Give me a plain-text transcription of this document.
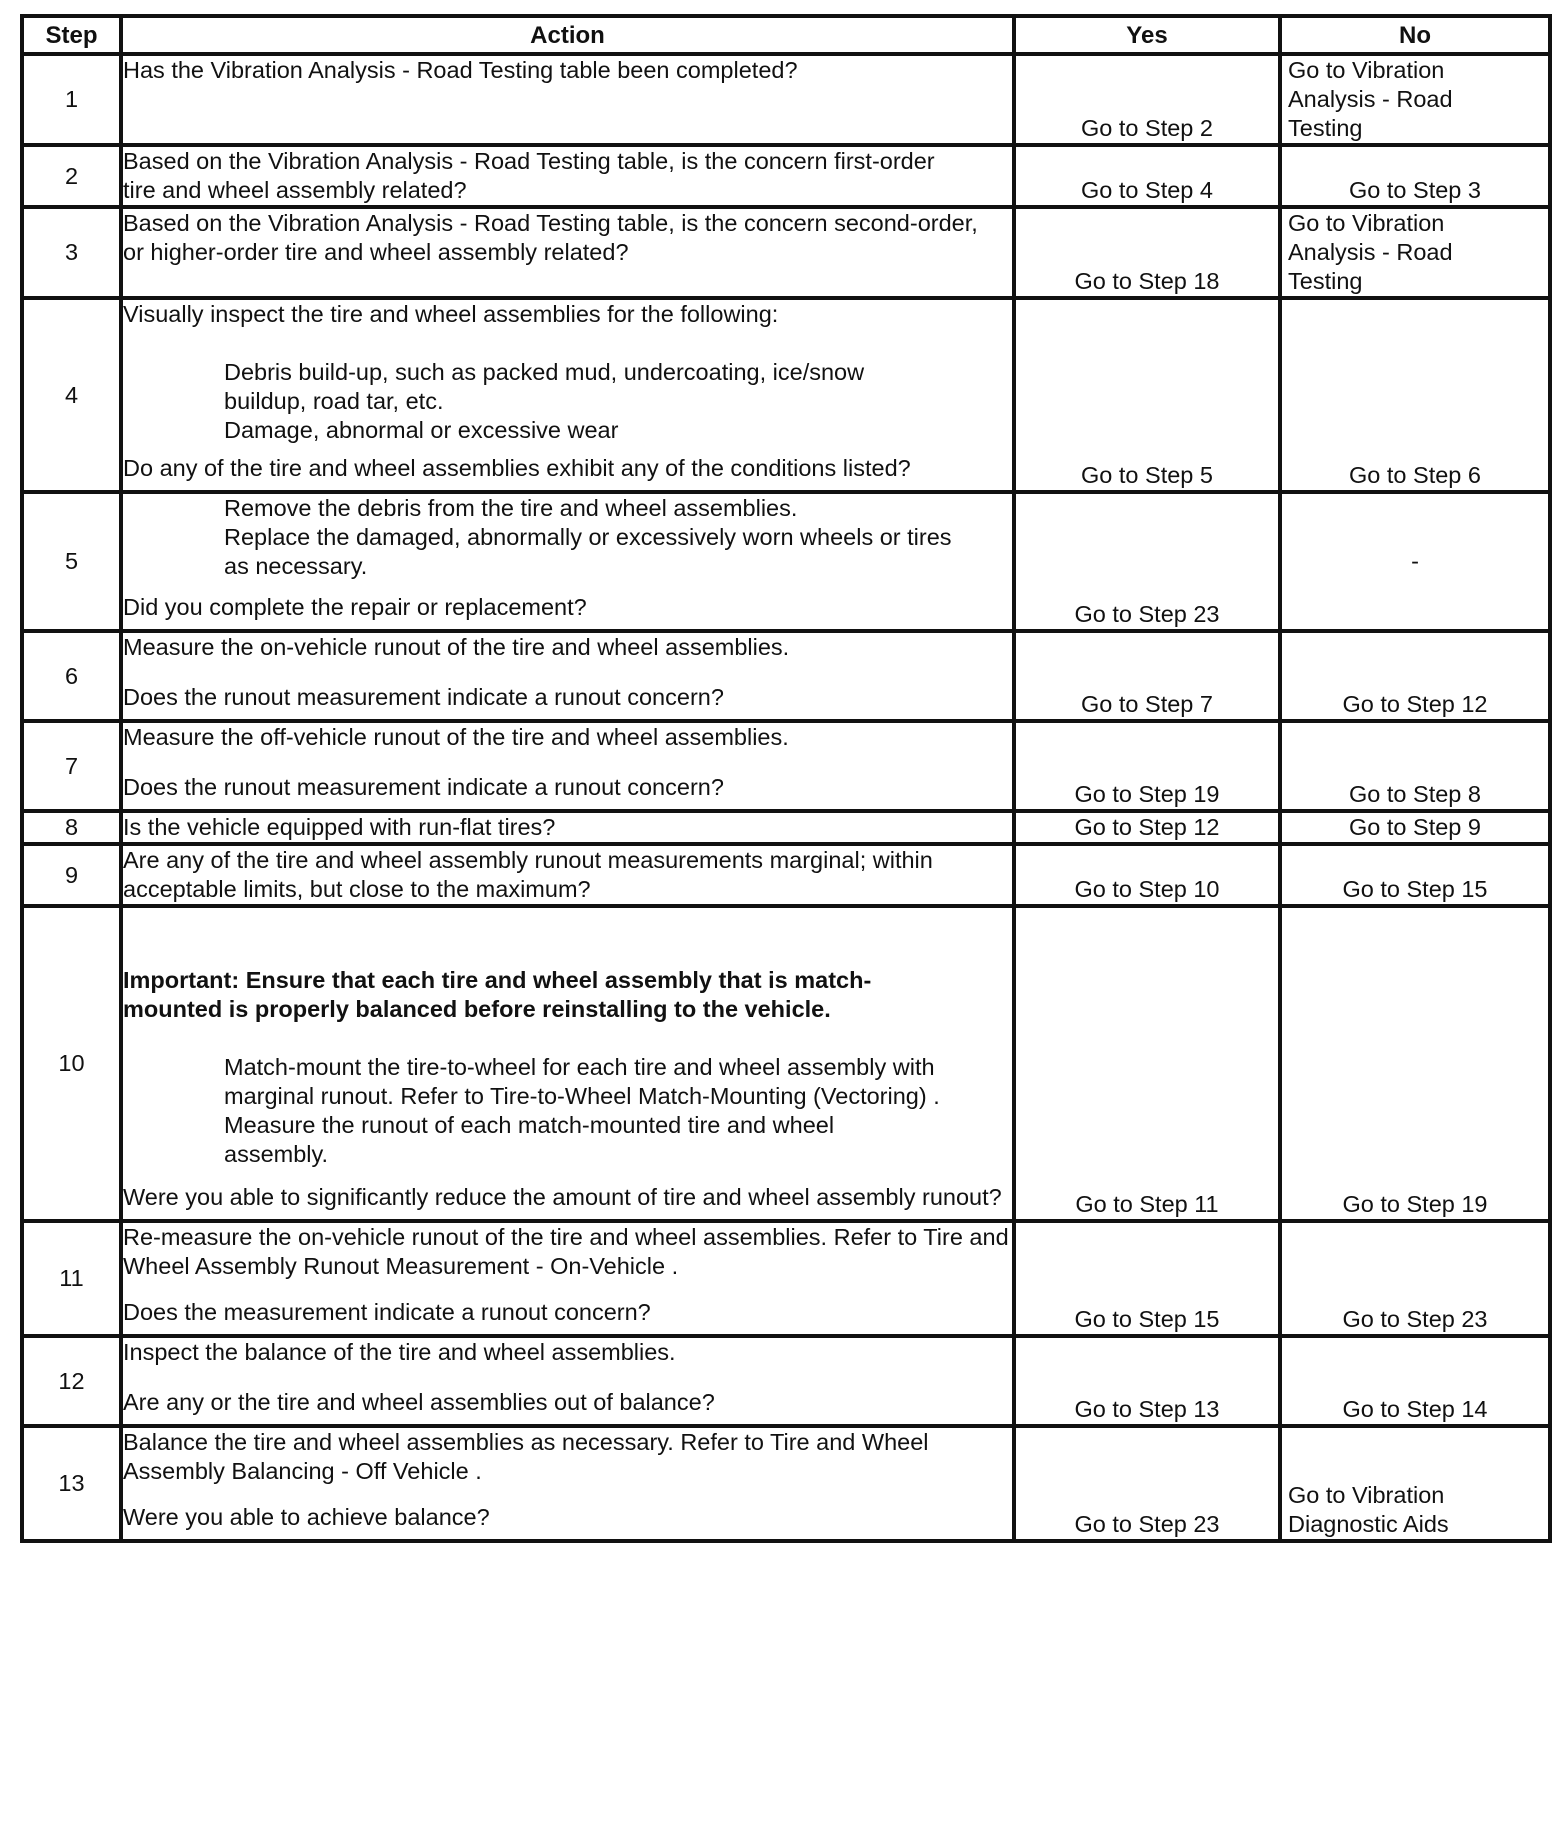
Step	Action	Yes	No
1	Has the Vibration Analysis - Road Testing table been completed?	Go to Step 2	Go to Vibration Analysis - Road Testing
2	Based on the Vibration Analysis - Road Testing table, is the concern first-order tire and wheel assembly related?	Go to Step 4	Go to Step 3
3	Based on the Vibration Analysis - Road Testing table, is the concern second-order, or higher-order tire and wheel assembly related?	Go to Step 18	Go to Vibration Analysis - Road Testing
4	Visually inspect the tire and wheel assemblies for the following:
Debris build-up, such as packed mud, undercoating, ice/snow buildup, road tar, etc.
Damage, abnormal or excessive wear
Do any of the tire and wheel assemblies exhibit any of the conditions listed?	Go to Step 5	Go to Step 6
5	Remove the debris from the tire and wheel assemblies.
Replace the damaged, abnormally or excessively worn wheels or tires as necessary.
Did you complete the repair or replacement?	Go to Step 23	-
6	Measure the on-vehicle runout of the tire and wheel assemblies.
Does the runout measurement indicate a runout concern?	Go to Step 7	Go to Step 12
7	Measure the off-vehicle runout of the tire and wheel assemblies.
Does the runout measurement indicate a runout concern?	Go to Step 19	Go to Step 8
8	Is the vehicle equipped with run-flat tires?	Go to Step 12	Go to Step 9
9	Are any of the tire and wheel assembly runout measurements marginal; within acceptable limits, but close to the maximum?	Go to Step 10	Go to Step 15
10	Important: Ensure that each tire and wheel assembly that is match-mounted is properly balanced before reinstalling to the vehicle.
Match-mount the tire-to-wheel for each tire and wheel assembly with marginal runout. Refer to Tire-to-Wheel Match-Mounting (Vectoring) .
Measure the runout of each match-mounted tire and wheel assembly.
Were you able to significantly reduce the amount of tire and wheel assembly runout?	Go to Step 11	Go to Step 19
11	Re-measure the on-vehicle runout of the tire and wheel assemblies. Refer to Tire and Wheel Assembly Runout Measurement - On-Vehicle .
Does the measurement indicate a runout concern?	Go to Step 15	Go to Step 23
12	Inspect the balance of the tire and wheel assemblies.
Are any or the tire and wheel assemblies out of balance?	Go to Step 13	Go to Step 14
13	Balance the tire and wheel assemblies as necessary. Refer to Tire and Wheel Assembly Balancing - Off Vehicle .
Were you able to achieve balance?	Go to Step 23	Go to Vibration Diagnostic Aids
